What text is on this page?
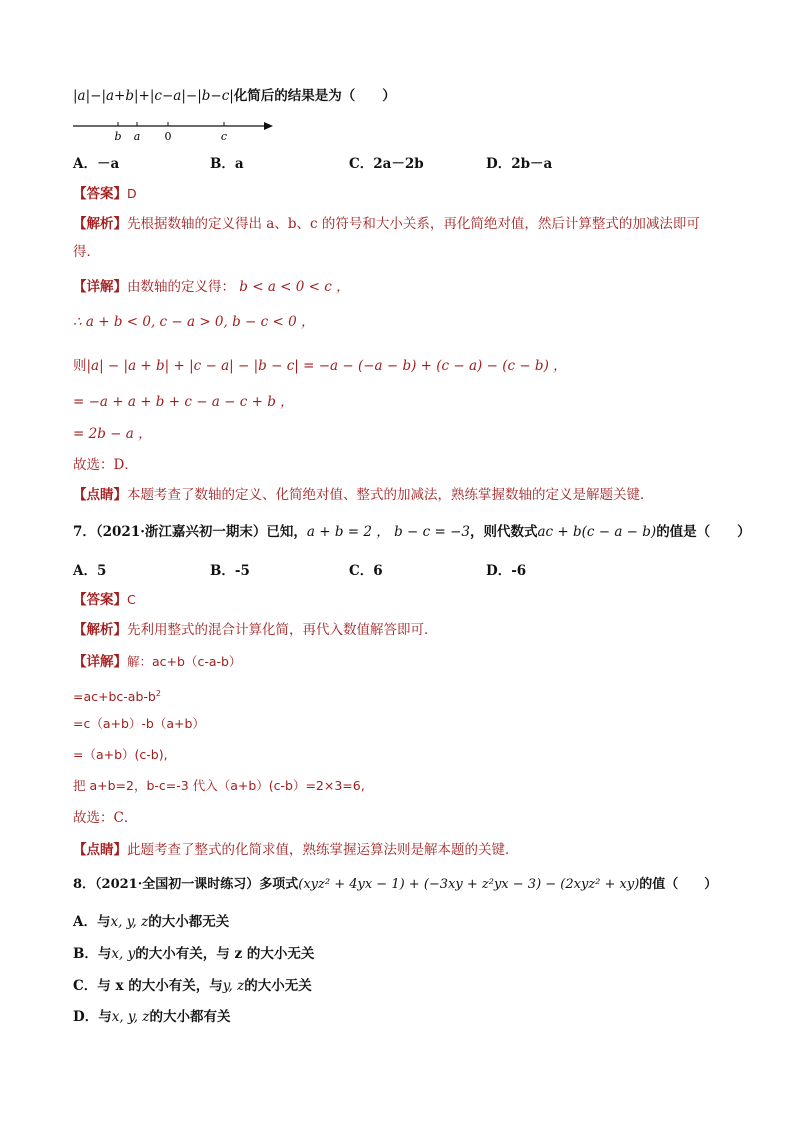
|a|−|a+b|+|c−a|−|b−c|化简后的结果是为（　　）
b a 0	c
A．－a	B．a	C．2a－2b	D．2b－a
【答案】D
【解析】先根据数轴的定义得出 a、b、c 的符号和大小关系，再化简绝对值，然后计算整式的加减法即可
得．
【详解】由数轴的定义得： b < a < 0 < c ，
∴ a + b < 0, c − a > 0, b − c < 0 ，
则|a| − |a + b| + |c − a| − |b − c| = −a − (−a − b) + (c − a) − (c − b) ，
= −a + a + b + c − a − c + b ，
= 2b − a ，
故选：D．
【点睛】本题考查了数轴的定义、化简绝对值、整式的加减法，熟练掌握数轴的定义是解题关键．
7．（2021·浙江嘉兴初一期末）已知，a + b = 2 ， b − c = −3，则代数式ac + b(c − a − b)的值是（　　）
A．5	B．-5	C．6	D．-6
【答案】C
【解析】先利用整式的混合计算化简，再代入数值解答即可．
【详解】解：ac+b（c-a-b）
$=ac+bc-ab-b^2$
=c（a+b）-b（a+b）
=（a+b）(c-b),
把 a+b=2，b-c=-3 代入（a+b）(c-b）=2×3=6,
故选：C．
【点睛】此题考查了整式的化简求值，熟练掌握运算法则是解本题的关键．
8．（2021·全国初一课时练习）多项式(xyz² + 4yx − 1) + (−3xy + z²yx − 3) − (2xyz² + xy)的值（　　）
A．与x, y, z的大小都无关
B．与x, y的大小有关，与 z 的大小无关
C．与 x 的大小有关，与y, z的大小无关
D．与x, y, z的大小都有关
